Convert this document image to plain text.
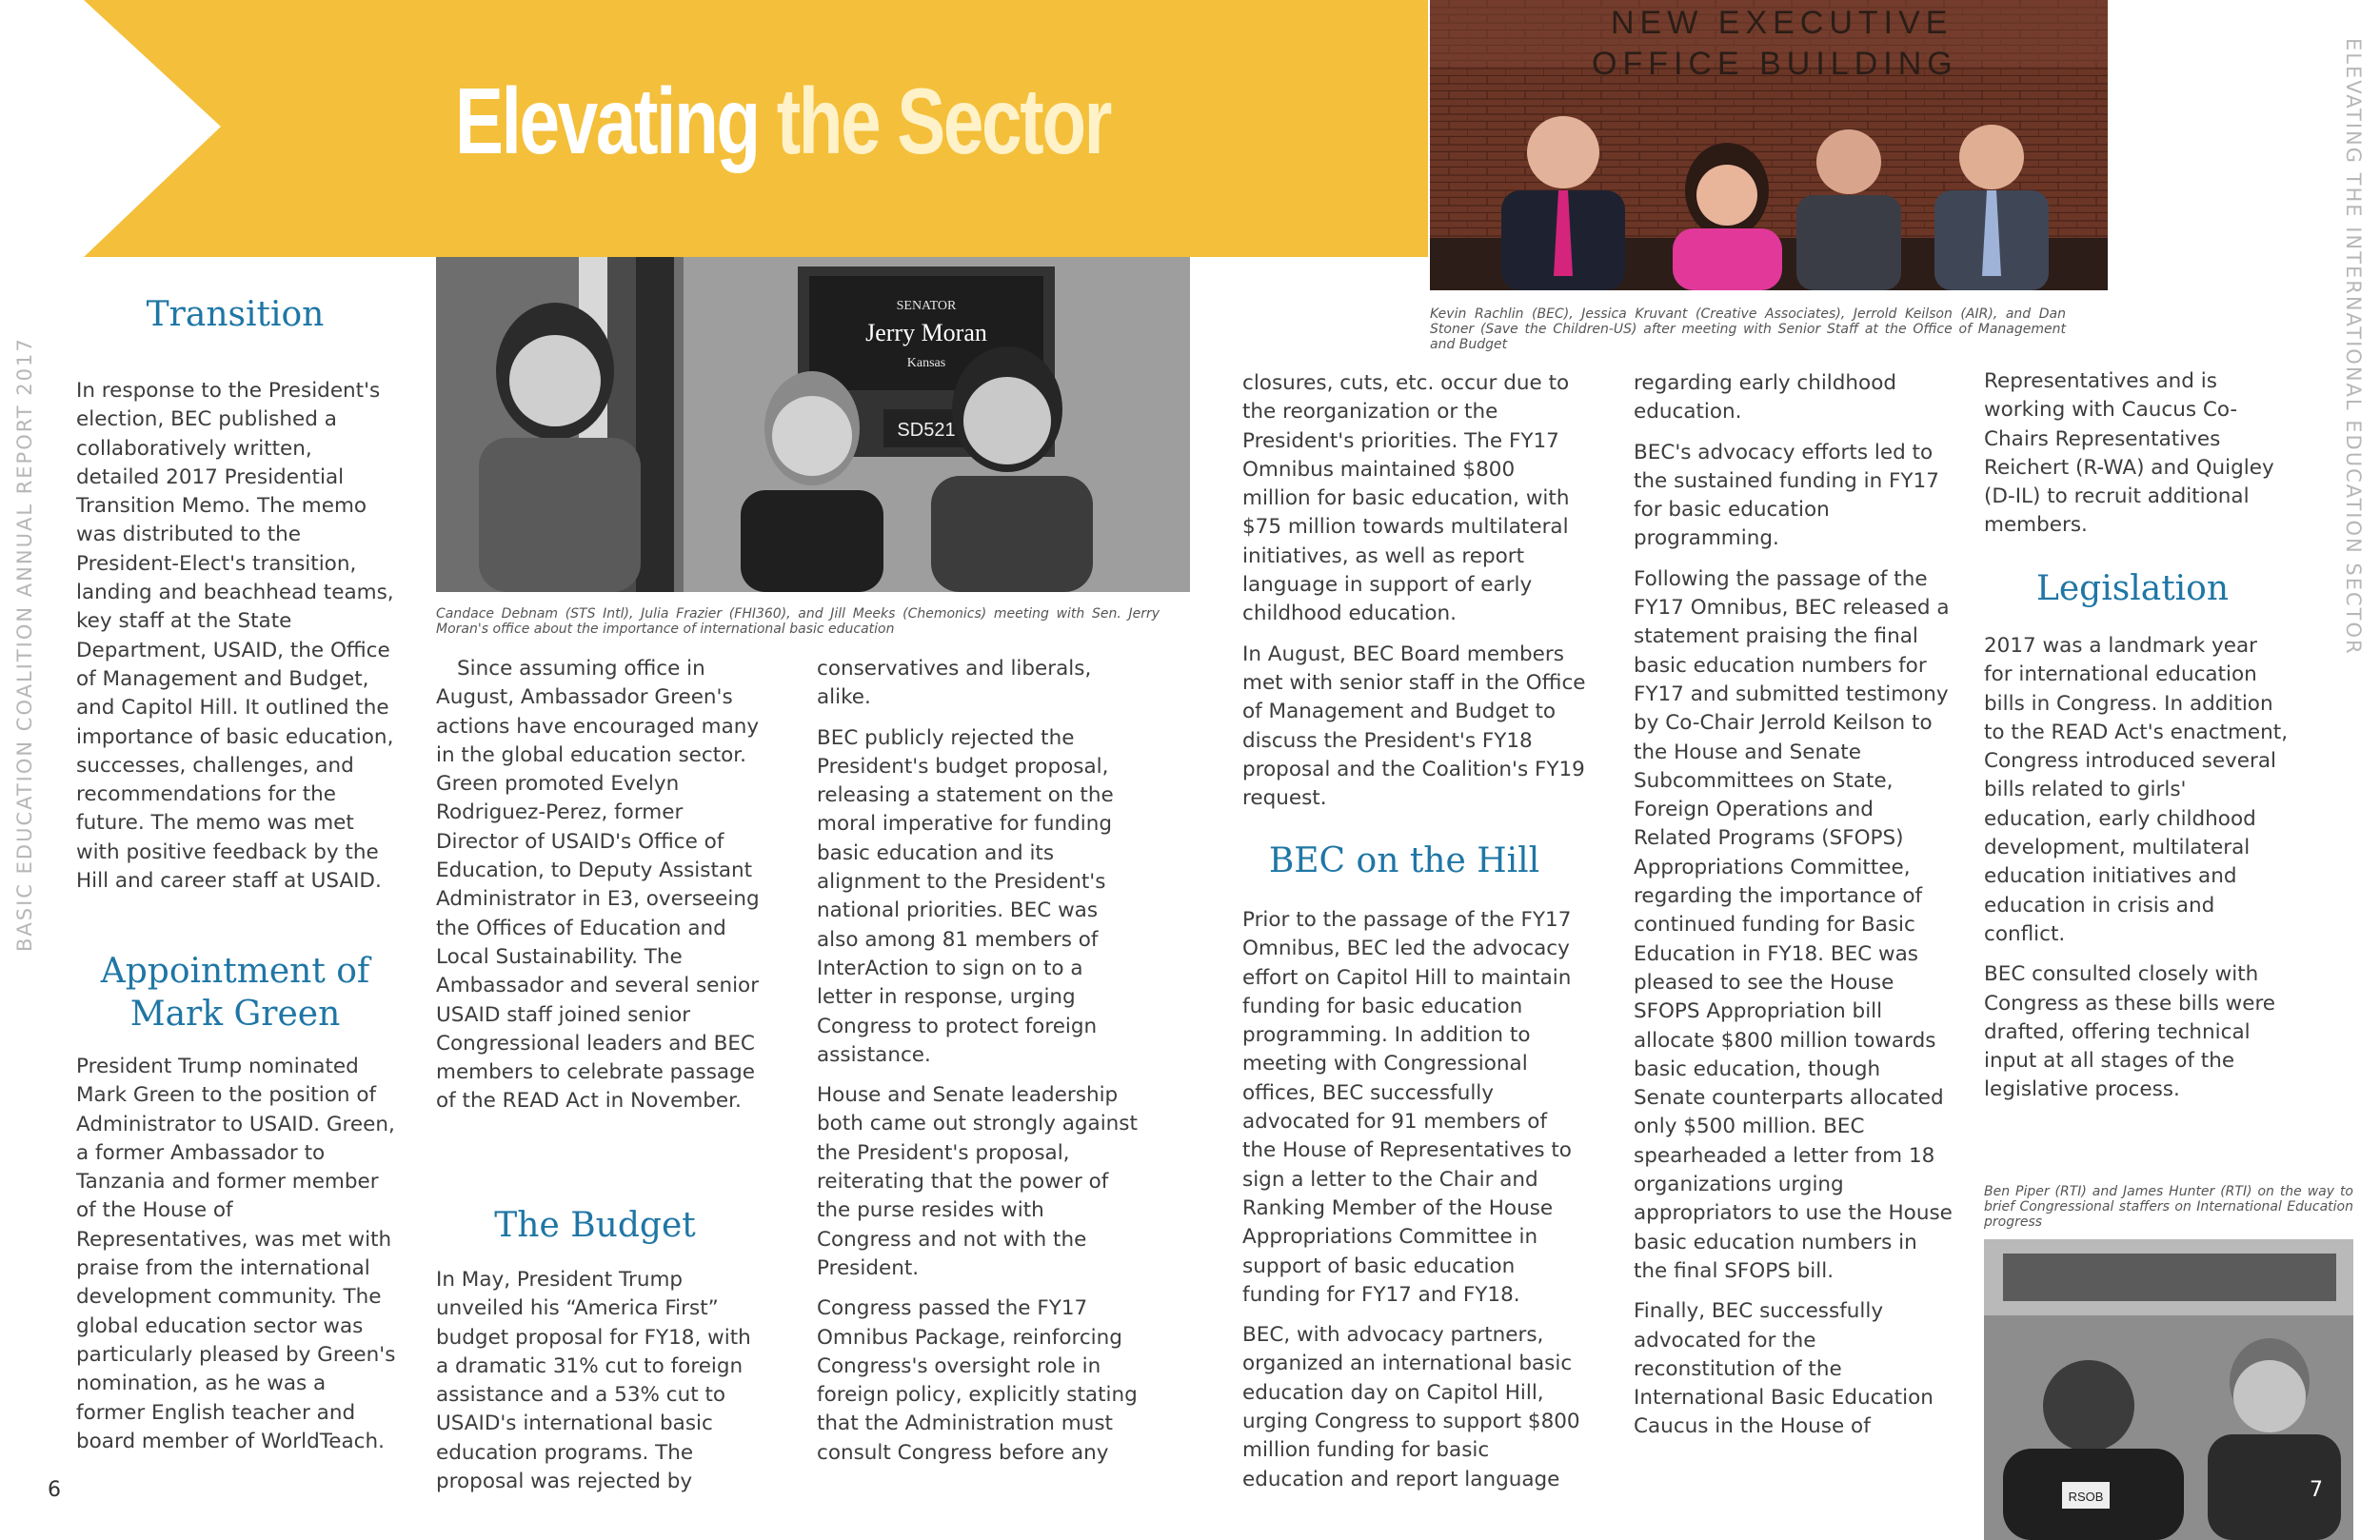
BASIC EDUCATION COALITION ANNUAL REPORT 2017	ELEVATING THE INTERNATIONAL EDUCATION SECTOR
Elevating the Sector
NEW EXECUTIVE
OFFICE BUILDING
Kevin Rachlin (BEC), Jessica Kruvant (Creative Associates), Jerrold Keilson (AIR), and Dan Stoner (Save the Children-US) after meeting with Senior Staff at the Office of Management and Budget
SENATOR
Jerry Moran
Kansas
SD521
Candace Debnam (STS Intl), Julia Frazier (FHI360), and Jill Meeks (Chemonics) meeting with Sen. Jerry Moran's office about the importance of international basic education
Transition

In response to the President's election, BEC published a collaboratively written, detailed 2017 Presidential Transition Memo. The memo was distributed to the President-Elect's transition, landing and beachhead teams, key staff at the State Department, USAID, the Office of Management and Budget, and Capitol Hill. It outlined the importance of basic education, successes, challenges, and recommendations for the future. The memo was met with positive feedback by the Hill and career staff at USAID.

Appointment of
Mark Green

President Trump nominated Mark Green to the position of Administrator to USAID. Green, a former Ambassador to Tanzania and former member of the House of Representatives, was met with praise from the international development community. The global education sector was particularly pleased by Green's nomination, as he was a former English teacher and board member of WorldTeach.

Since assuming office in August, Ambassador Green's actions have encouraged many in the global education sector. Green promoted Evelyn Rodriguez-Perez, former Director of USAID's Office of Education, to Deputy Assistant Administrator in E3, overseeing the Offices of Education and Local Sustainability. The Ambassador and several senior USAID staff joined senior Congressional leaders and BEC members to celebrate passage of the READ Act in November.

The Budget

In May, President Trump unveiled his “America First” budget proposal for FY18, with a dramatic 31% cut to foreign assistance and a 53% cut to USAID's international basic education programs. The proposal was rejected by

conservatives and liberals, alike.

BEC publicly rejected the President's budget proposal, releasing a statement on the moral imperative for funding basic education and its alignment to the President's national priorities. BEC was also among 81 members of InterAction to sign on to a letter in response, urging Congress to protect foreign assistance.

House and Senate leadership both came out strongly against the President's proposal, reiterating that the power of the purse resides with Congress and not with the President.

Congress passed the FY17 Omnibus Package, reinforcing Congress's oversight role in foreign policy, explicitly stating that the Administration must consult Congress before any

closures, cuts, etc. occur due to the reorganization or the President's priorities. The FY17 Omnibus maintained $800 million for basic education, with $75 million towards multilateral initiatives, as well as report language in support of early childhood education.

In August, BEC Board members met with senior staff in the Office of Management and Budget to discuss the President's FY18 proposal and the Coalition's FY19 request.

BEC on the Hill

Prior to the passage of the FY17 Omnibus, BEC led the advocacy effort on Capitol Hill to maintain funding for basic education programming. In addition to meeting with Congressional offices, BEC successfully advocated for 91 members of the House of Representatives to sign a letter to the Chair and Ranking Member of the House Appropriations Committee in support of basic education funding for FY17 and FY18.

BEC, with advocacy partners, organized an international basic education day on Capitol Hill, urging Congress to support $800 million funding for basic education and report language

regarding early childhood education.

BEC's advocacy efforts led to the sustained funding in FY17 for basic education programming.

Following the passage of the FY17 Omnibus, BEC released a statement praising the final basic education numbers for FY17 and submitted testimony by Co-Chair Jerrold Keilson to the House and Senate Subcommittees on State, Foreign Operations and Related Programs (SFOPS) Appropriations Committee, regarding the importance of continued funding for Basic Education in FY18. BEC was pleased to see the House SFOPS Appropriation bill allocate $800 million towards basic education, though Senate counterparts allocated only $500 million. BEC spearheaded a letter from 18 organizations urging appropriators to use the House basic education numbers in the final SFOPS bill.

Finally, BEC successfully advocated for the reconstitution of the International Basic Education Caucus in the House of

Representatives and is working with Caucus Co-Chairs Representatives Reichert (R-WA) and Quigley (D-IL) to recruit additional members.

Legislation

2017 was a landmark year for international education bills in Congress. In addition to the READ Act's enactment, Congress introduced several bills related to girls' education, early childhood development, multilateral education initiatives and education in crisis and conflict.

BEC consulted closely with Congress as these bills were drafted, offering technical input at all stages of the legislative process.

Ben Piper (RTI) and James Hunter (RTI) on the way to brief Congressional staffers on International Education progress
RSOB
6	7
